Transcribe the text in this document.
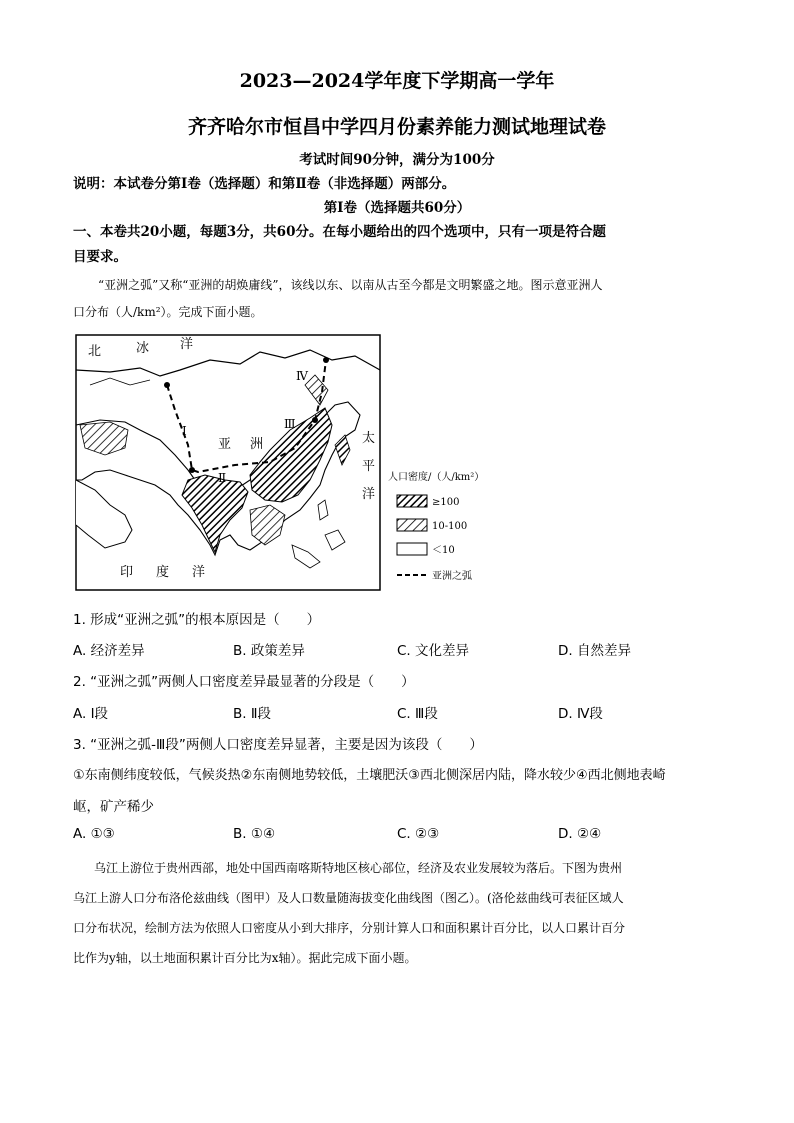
2023—2024学年度下学期高一学年
齐齐哈尔市恒昌中学四月份素养能力测试地理试卷
考试时间90分钟，满分为100分
说明：本试卷分第Ⅰ卷（选择题）和第Ⅱ卷（非选择题）两部分。
第Ⅰ卷（选择题共60分）
一、本卷共20小题，每题3分，共60分。在每小题给出的四个选项中，只有一项是符合题
目要求。
“亚洲之弧”又称“亚洲的胡焕庸线”，该线以东、以南从古至今都是文明繁盛之地。图示意亚洲人
口分布（人/km²）。完成下面小题。
北	冰 洋
亚 洲	太
平
洋
印 度 洋
Ⅰ
Ⅱ
Ⅲ
Ⅳ
人口密度/（人/km²）
≥100
10-100
＜10
亚洲之弧
1. 形成“亚洲之弧”的根本原因是（　　）
A. 经济差异	B. 政策差异	C. 文化差异	D. 自然差异
2. “亚洲之弧”两侧人口密度差异最显著的分段是（　　）
A. Ⅰ段	B. Ⅱ段	C. Ⅲ段	D. Ⅳ段
3. “亚洲之弧-Ⅲ段”两侧人口密度差异显著，主要是因为该段（　　）
①东南侧纬度较低，气候炎热②东南侧地势较低，土壤肥沃③西北侧深居内陆，降水较少④西北侧地表崎
岖，矿产稀少
A. ①③	B. ①④	C. ②③	D. ②④
乌江上游位于贵州西部，地处中国西南喀斯特地区核心部位，经济及农业发展较为落后。下图为贵州
乌江上游人口分布洛伦兹曲线（图甲）及人口数量随海拔变化曲线图（图乙）。(洛伦兹曲线可表征区域人
口分布状况，绘制方法为依照人口密度从小到大排序，分别计算人口和面积累计百分比，以人口累计百分
比作为y轴，以土地面积累计百分比为x轴）。据此完成下面小题。
